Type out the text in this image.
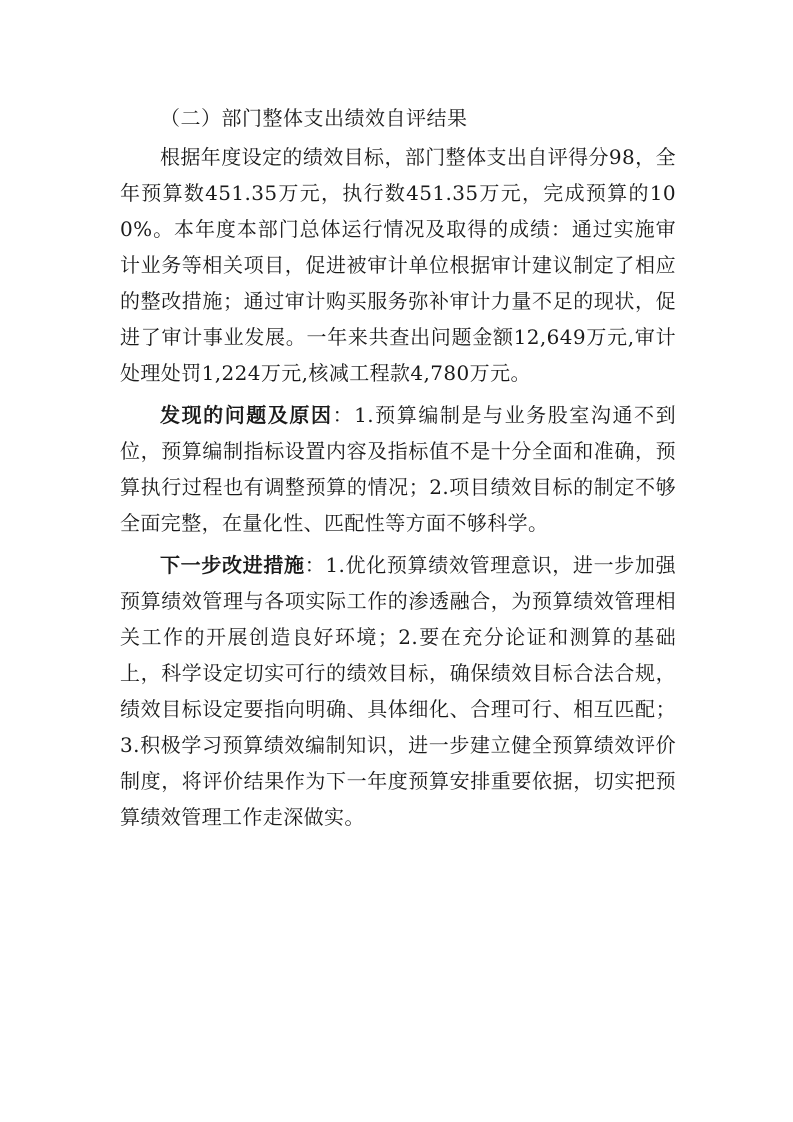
（二）部门整体支出绩效自评结果

根据年度设定的绩效目标，部门整体支出自评得分98，全年预算数451.35万元，执行数451.35万元，完成预算的100%。本年度本部门总体运行情况及取得的成绩：通过实施审计业务等相关项目，促进被审计单位根据审计建议制定了相应的整改措施；通过审计购买服务弥补审计力量不足的现状，促进了审计事业发展。一年来共查出问题金额12,649万元,审计处理处罚1,224万元,核减工程款4,780万元。

发现的问题及原因：1.预算编制是与业务股室沟通不到位，预算编制指标设置内容及指标值不是十分全面和准确，预算执行过程也有调整预算的情况；2.项目绩效目标的制定不够全面完整，在量化性、匹配性等方面不够科学。

下一步改进措施：1.优化预算绩效管理意识，进一步加强预算绩效管理与各项实际工作的渗透融合，为预算绩效管理相关工作的开展创造良好环境；2.要在充分论证和测算的基础上，科学设定切实可行的绩效目标，确保绩效目标合法合规，绩效目标设定要指向明确、具体细化、合理可行、相互匹配；3.积极学习预算绩效编制知识，进一步建立健全预算绩效评价制度，将评价结果作为下一年度预算安排重要依据，切实把预算绩效管理工作走深做实。
